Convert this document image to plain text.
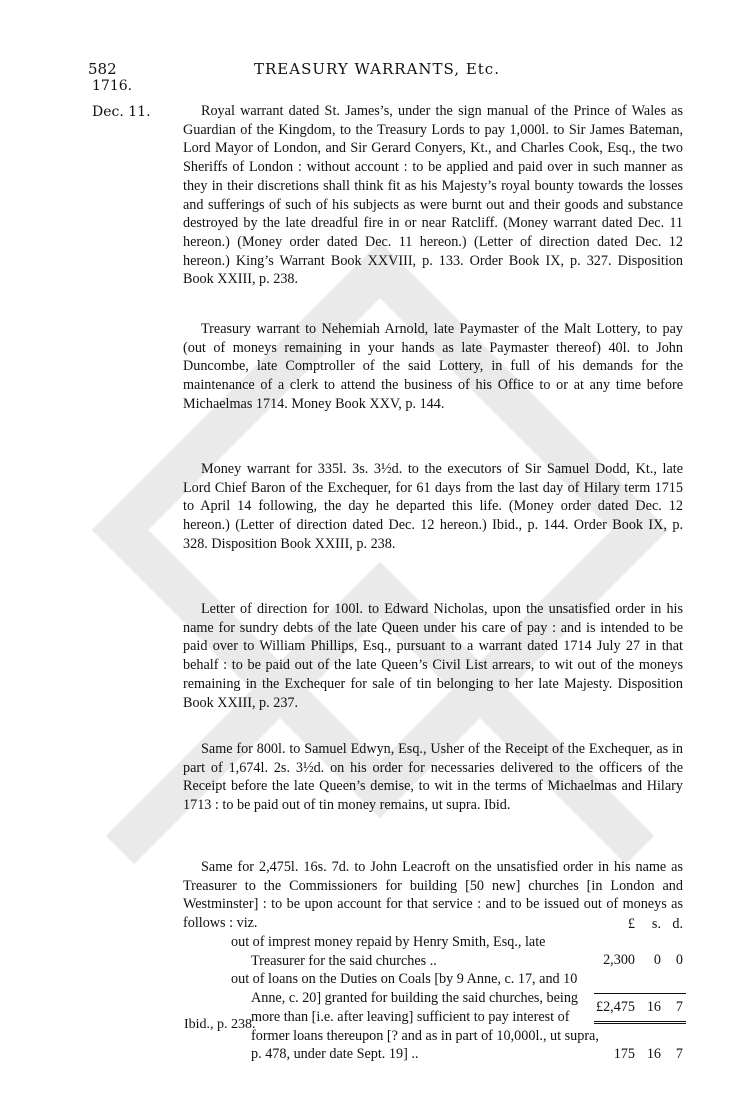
582	TREASURY WARRANTS, Etc.
1716.
Dec. 11.	Royal warrant dated St. James’s, under the sign manual of the Prince of Wales as Guardian of the Kingdom, to the Treasury Lords to pay 1,000l. to Sir James Bateman, Lord Mayor of London, and Sir Gerard Conyers, Kt., and Charles Cook, Esq., the two Sheriffs of London : without account : to be applied and paid over in such manner as they in their discretions shall think fit as his Majesty’s royal bounty towards the losses and sufferings of such of his subjects as were burnt out and their goods and substance destroyed by the late dreadful fire in or near Ratcliff. (Money warrant dated Dec. 11 hereon.) (Money order dated Dec. 11 hereon.) (Letter of direction dated Dec. 12 hereon.) King’s Warrant Book XXVIII, p. 133. Order Book IX, p. 327. Disposition Book XXIII, p. 238.

Treasury warrant to Nehemiah Arnold, late Paymaster of the Malt Lottery, to pay (out of moneys remaining in your hands as late Paymaster thereof) 40l. to John Duncombe, late Comptroller of the said Lottery, in full of his demands for the maintenance of a clerk to attend the business of his Office to or at any time before Michaelmas 1714. Money Book XXV, p. 144.

Money warrant for 335l. 3s. 3½d. to the executors of Sir Samuel Dodd, Kt., late Lord Chief Baron of the Exchequer, for 61 days from the last day of Hilary term 1715 to April 14 following, the day he departed this life. (Money order dated Dec. 12 hereon.) (Letter of direction dated Dec. 12 hereon.) Ibid., p. 144. Order Book IX, p. 328. Disposition Book XXIII, p. 238.

Letter of direction for 100l. to Edward Nicholas, upon the unsatisfied order in his name for sundry debts of the late Queen under his care of pay : and is intended to be paid over to William Phillips, Esq., pursuant to a warrant dated 1714 July 27 in that behalf : to be paid out of the late Queen’s Civil List arrears, to wit out of the moneys remaining in the Exchequer for sale of tin belonging to her late Majesty. Disposition Book XXIII, p. 237.

Same for 800l. to Samuel Edwyn, Esq., Usher of the Receipt of the Exchequer, as in part of 1,674l. 2s. 3½d. on his order for necessaries delivered to the officers of the Receipt before the late Queen’s demise, to wit in the terms of Michaelmas and Hilary 1713 : to be paid out of tin money remains, ut supra. Ibid.

Same for 2,475l. 16s. 7d. to John Leacroft on the unsatisfied order in his name as Treasurer to the Commissioners for building [50 new] churches [in London and Westminster] : to be upon account for that service : and to be issued out of moneys as follows : viz.	£ s. d.
out of imprest money repaid by Henry Smith, Esq., late Treasurer for the said churches ..	2,300 0 0
out of loans on the Duties on Coals [by 9 Anne, c. 17, and 10 Anne, c. 20] granted for building the said churches, being more than [i.e. after leaving] sufficient to pay interest of former loans thereupon [? and as in part of 10,000l., ut supra, p. 478, under date Sept. 19] ..	175 16 7
£2,475 16 7
Ibid., p. 238.
